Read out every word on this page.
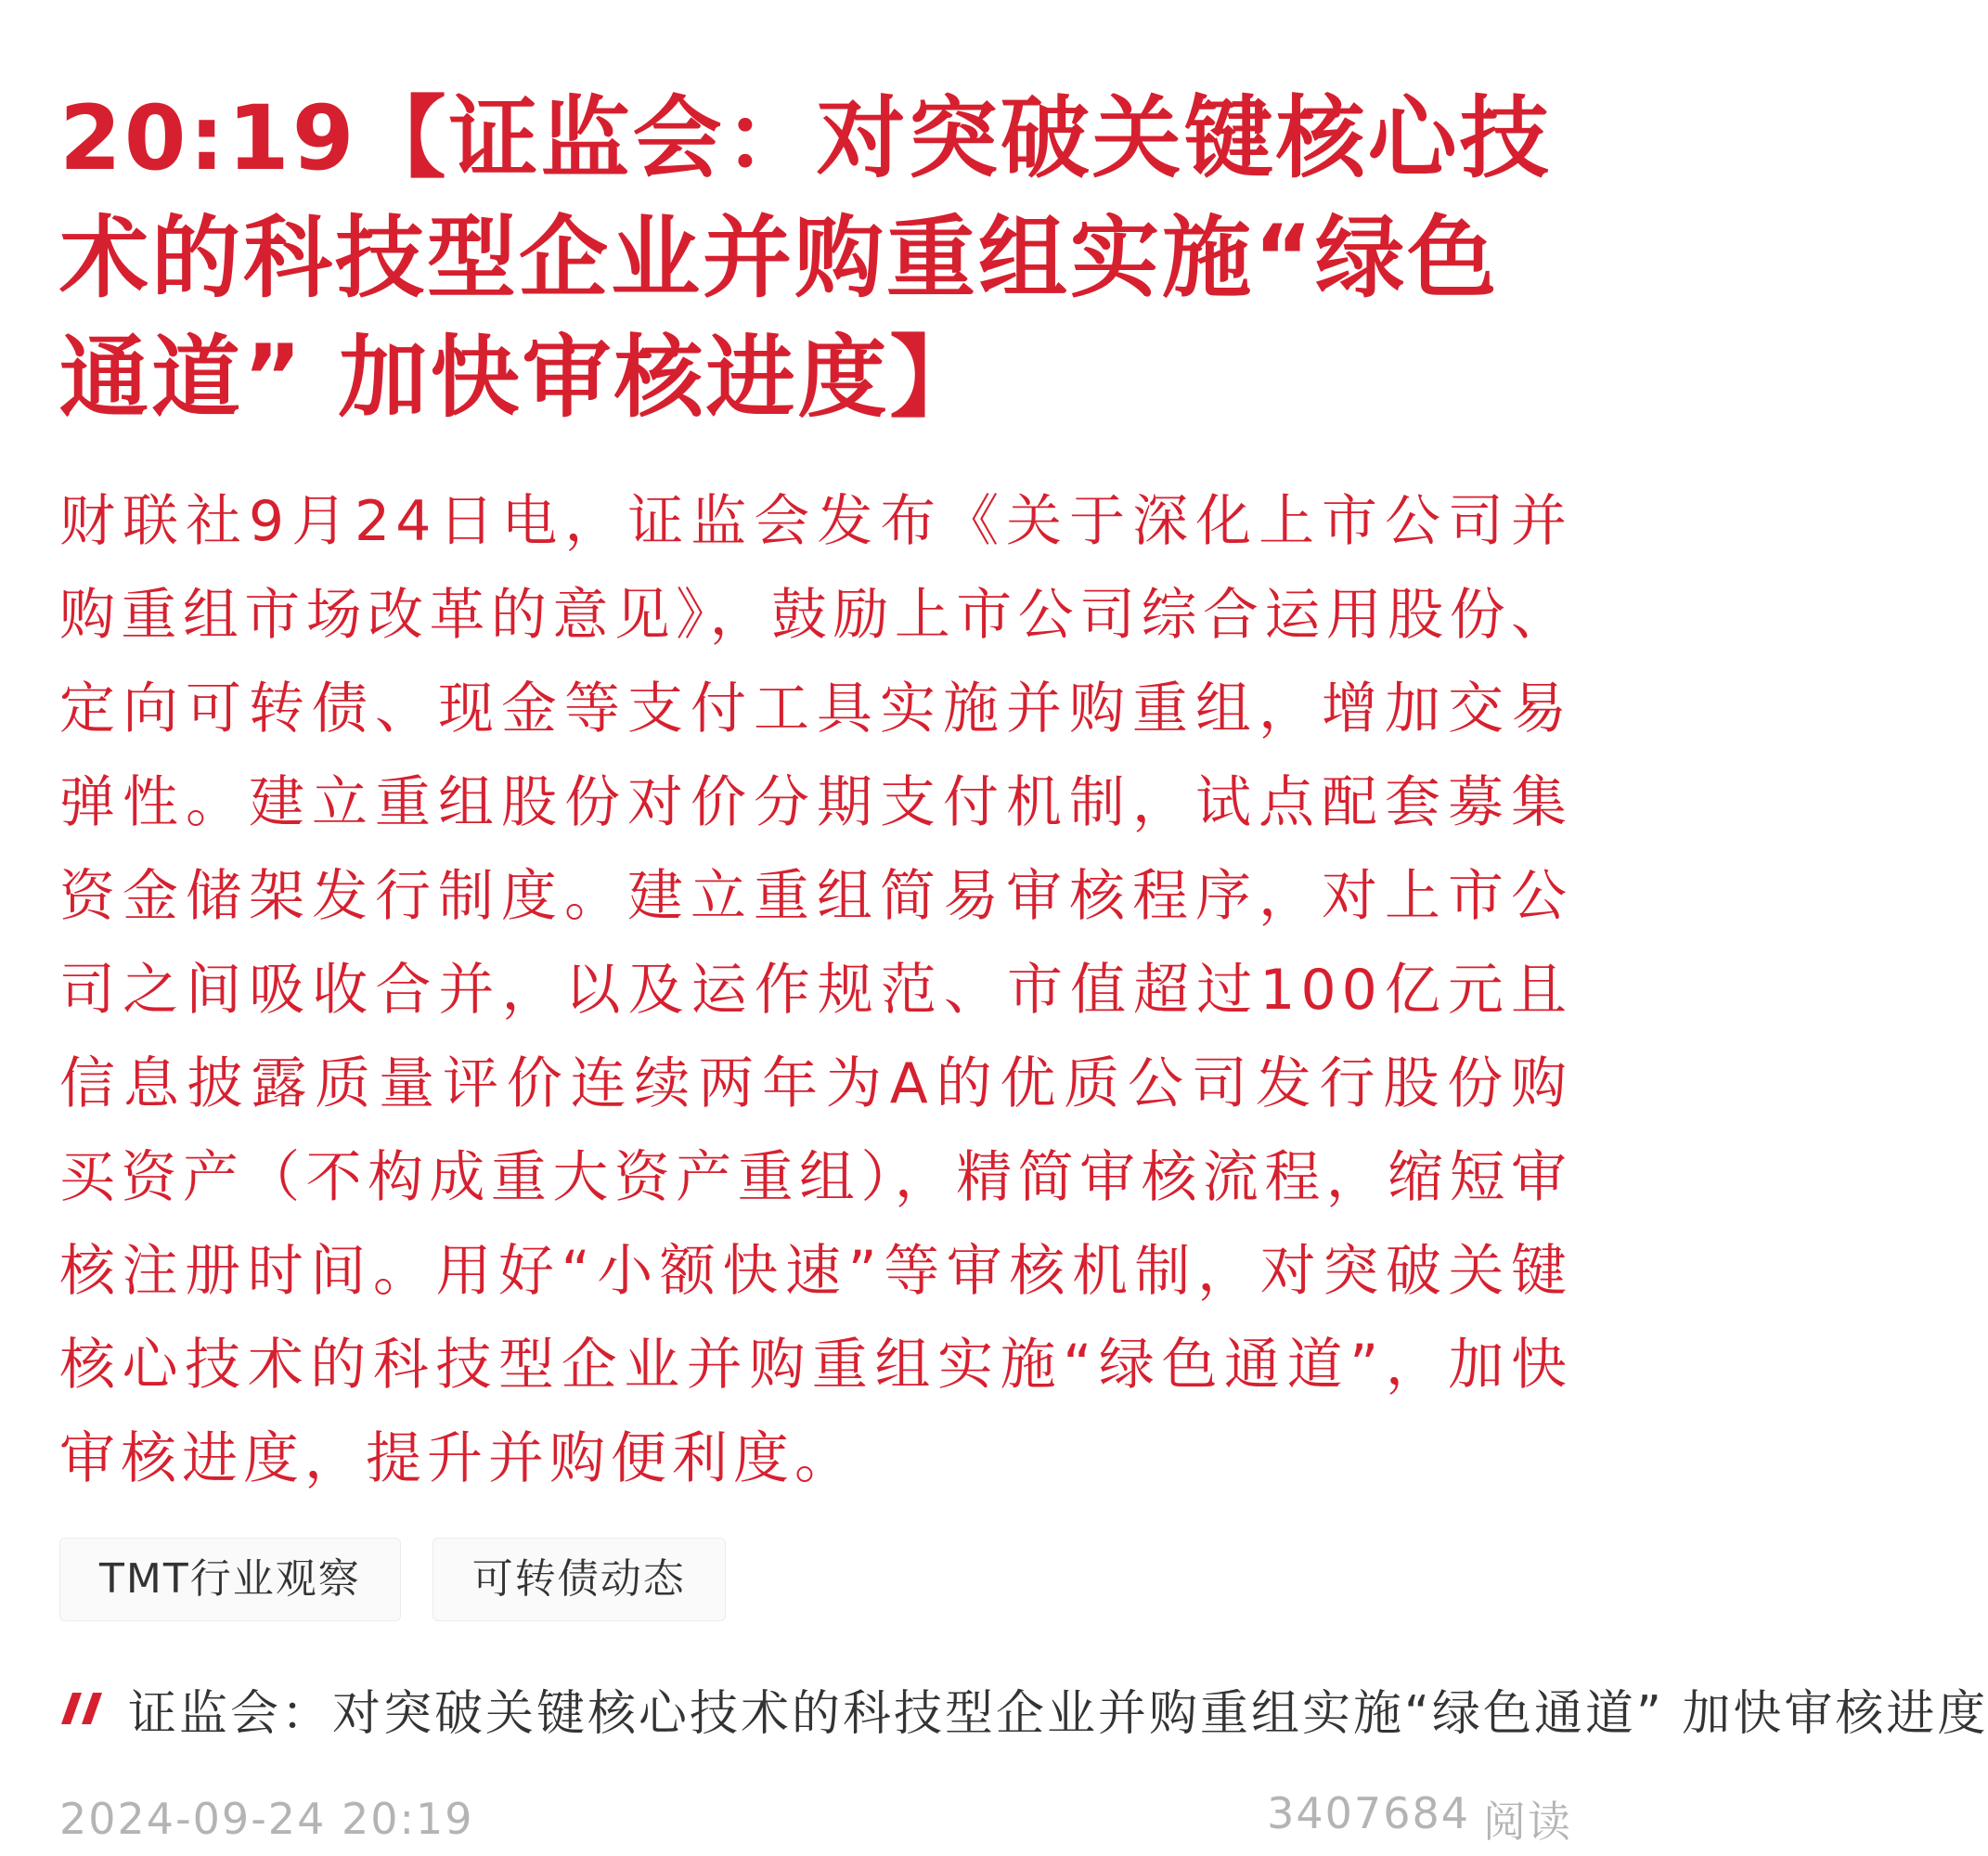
20:19【证监会：对突破关键核心技术的科技型企业并购重组实施“绿色通道” 加快审核进度】

财联社9月24日电，证监会发布《关于深化上市公司并购重组市场改革的意见》，鼓励上市公司综合运用股份、定向可转债、现金等支付工具实施并购重组，增加交易弹性。建立重组股份对价分期支付机制，试点配套募集资金储架发行制度。建立重组简易审核程序，对上市公司之间吸收合并，以及运作规范、市值超过100亿元且信息披露质量评价连续两年为A的优质公司发行股份购买资产（不构成重大资产重组），精简审核流程，缩短审核注册时间。用好“小额快速”等审核机制，对突破关键核心技术的科技型企业并购重组实施“绿色通道”，加快审核进度，提升并购便利度。

TMT行业观察	可转债动态
证监会：对突破关键核心技术的科技型企业并购重组实施“绿色通道” 加快审核进度
2024-09-24 20:19	3407684 阅读
